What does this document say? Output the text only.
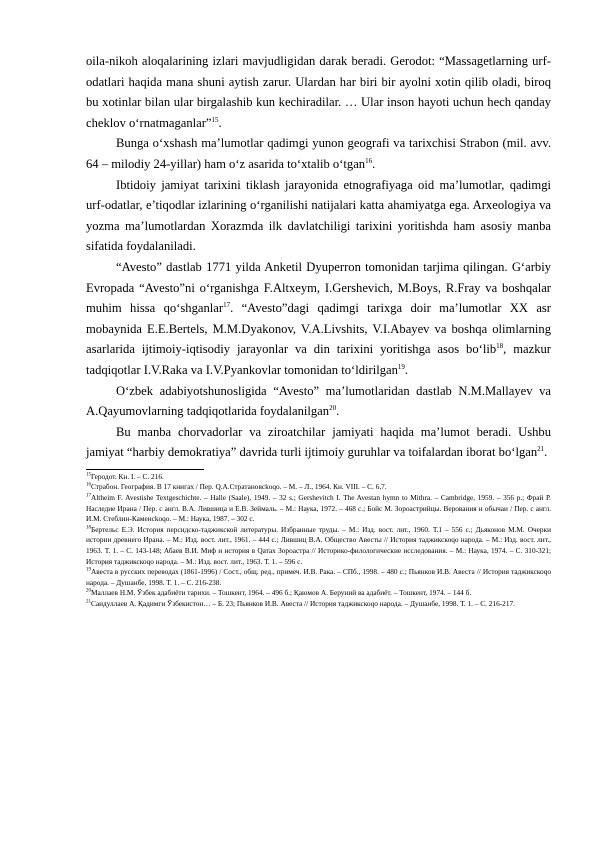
oila-nikoh aloqalarining izlari mavjudligidan darak beradi. Gerodot: “Massagetlarning urf-odatlari haqida mana shuni aytish zarur. Ulardan har biri bir ayolni xotin qilib oladi, biroq bu xotinlar bilan ular birgalashib kun kechiradilar. … Ular inson hayoti uchun hech qanday cheklov o‘rnatmaganlar”$^{15}$.

Bunga o‘xshash ma’lumotlar qadimgi yunon geografi va tarixchisi Strabon (mil. avv. 64 – milodiy 24-yillar) ham o‘z asarida to‘xtalib o‘tgan$^{16}$.

Ibtidoiy jamiyat tarixini tiklash jarayonida etnografiyaga oid ma’lumotlar, qadimgi urf-odatlar, e’tiqodlar izlarining o‘rganilishi natijalari katta ahamiyatga ega. Arxeologiya va yozma ma’lumotlardan Xorazmda ilk davlatchiligi tarixini yoritishda ham asosiy manba sifatida foydalaniladi.

“Avesto” dastlab 1771 yilda Anketil Dyuperron tomonidan tarjima qilingan. G‘arbiy Evropada “Avesto”ni o‘rganishga F.Altxeym, I.Gershevich, M.Boys, R.Fray va boshqalar muhim hissa qo‘shganlar$^{17}$. “Avesto”dagi qadimgi tarixga doir ma’lumotlar XX asr mobaynida E.E.Bertels, M.M.Dyakonov, V.A.Livshits, V.I.Abayev va boshqa olimlarning asarlarida ijtimoiy-iqtisodiy jarayonlar va din tarixini yoritishga asos bo‘lib$^{18}$, mazkur tadqiqotlar I.V.Raka va I.V.Pyankovlar tomonidan to‘ldirilgan$^{19}$.

O‘zbek adabiyotshunosligida “Avesto” ma’lumotlaridan dastlab N.M.Mallayev va A.Qayumovlarning tadqiqotlarida foydalanilgan$^{20}$.

Bu manba chorvadorlar va ziroatchilar jamiyati haqida ma’lumot beradi. Ushbu jamiyat “harbiy demokratiya” davrida turli ijtimoiy guruhlar va toifalardan iborat bo‘lgan$^{21}$.

$^{15}$Геродот. Кн. I. – С. 216.

$^{16}$Страбон. География. В 17 книгах / Пер. Q.A.Стратановсkoqo. – М. – Л., 1964. Кн. VIII. – С. 6,7.

$^{17}$Altheim F. Avestishe Textgeschichte. – Halle (Saale), 1949. – 32 s.; Gershevitch I. The Avestan hymn to Mithra. – Cambridge, 1959. – 356 p.; Фрай Р. Наследие Ирана / Пер. с англ. В.А. Лившица и Е.В. Зеймаль. – М.: Наука, 1972. – 468 с.; Бойс М. Зороастрийцы. Верования и обычаи / Пер. с англ. И.М. Стеблин-Каменсkoqo. – М.: Наука, 1987. – 302 с.

$^{18}$Бертельс Е.Э. История персидско-таджикской литературы. Избранные труды. – М.: Изд. вост. лит., 1960. Т.1 – 556 с.; Дьяконов М.М. Очерки истории древнего Ирана. – М.: Изд. вост. лит., 1961. – 444 с.; Лившиц В.А. Общество Авесты // История таджикскоqo народа. – М.: Изд. вост. лит., 1963. Т. 1. – С. 143-148; Абаев В.И. Миф и история в Qатах Зороастра // Историко-филологические исследования. – М.: Наука, 1974. – С. 310-321; История таджикскоqo народа. – М.: Изд. вост. лит., 1963. Т. 1. – 596 с.

$^{19}$Авеста в русских переводах (1861-1996) / Сост., общ. ред., примеч. И.В. Рака. – СПб., 1998. – 480 с.; Пьянков И.В. Авеста // История таджикскоqo народа. – Душанбе, 1998. Т. 1. – С. 216-238.

$^{20}$Маллаев Н.М. Ўзбек адабиёти тарихи. – Тошкент, 1964. – 496 б.; Қаюмов А. Беруний ва адабиёт. – Тошкент, 1974. – 144 б.

$^{21}$Саидуллаев А. Қадимги Ўзбекистон… – Б. 23; Пьянков И.В. Авеста // История таджикскоqo народа. – Душанбе, 1998. Т. 1. – С. 216-217.
